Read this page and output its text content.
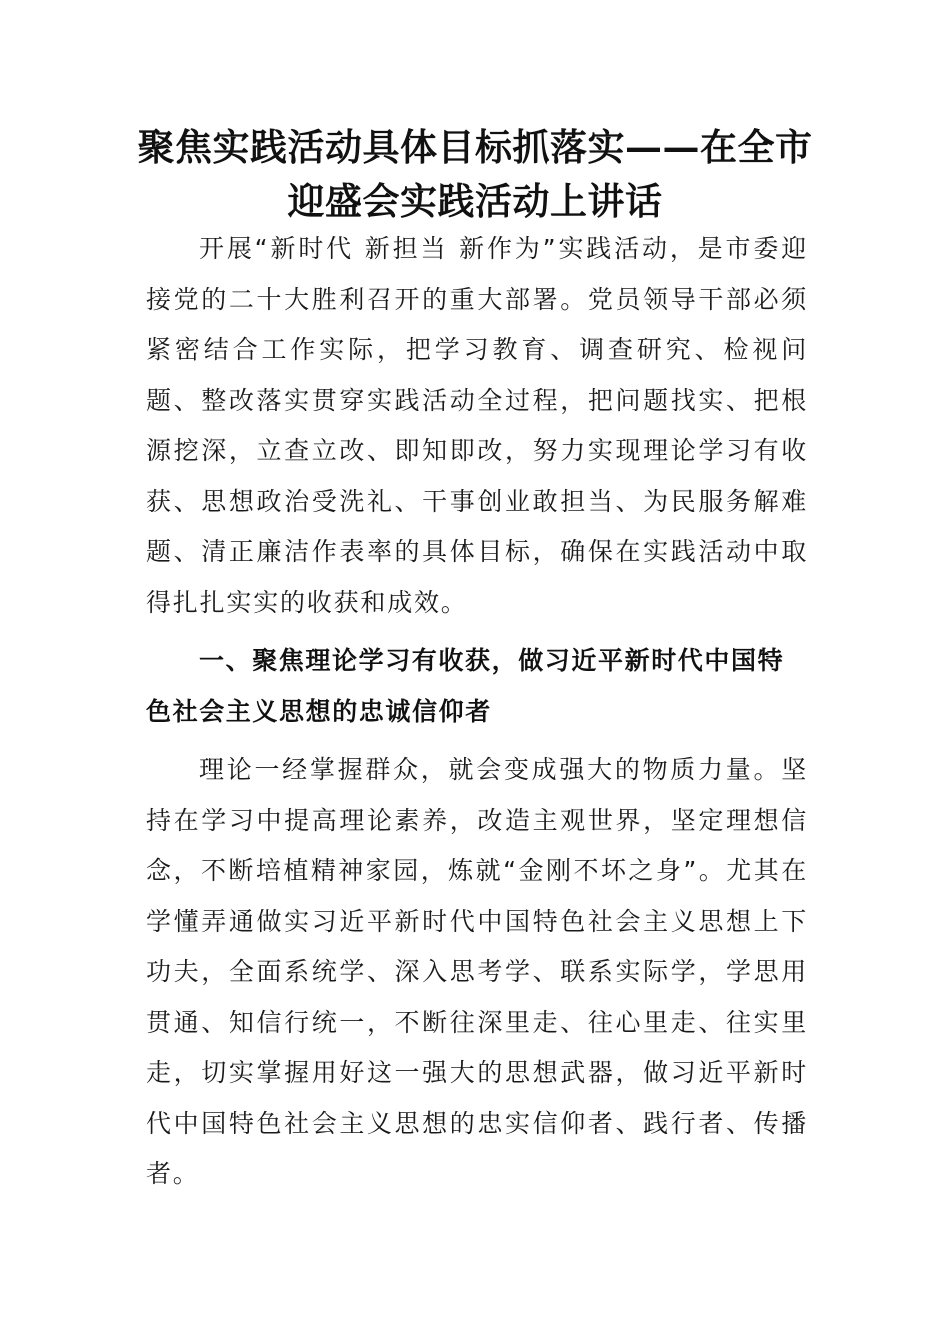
聚焦实践活动具体目标抓落实——在全市
迎盛会实践活动上讲话

开展“新时代 新担当 新作为”实践活动，是市委迎接党的二十大胜利召开的重大部署。党员领导干部必须紧密结合工作实际，把学习教育、调查研究、检视问题、整改落实贯穿实践活动全过程，把问题找实、把根源挖深，立查立改、即知即改，努力实现理论学习有收获、思想政治受洗礼、干事创业敢担当、为民服务解难题、清正廉洁作表率的具体目标，确保在实践活动中取得扎扎实实的收获和成效。

一、聚焦理论学习有收获，做习近平新时代中国特色社会主义思想的忠诚信仰者

理论一经掌握群众，就会变成强大的物质力量。坚持在学习中提高理论素养，改造主观世界，坚定理想信念，不断培植精神家园，炼就“金刚不坏之身”。尤其在学懂弄通做实习近平新时代中国特色社会主义思想上下功夫，全面系统学、深入思考学、联系实际学，学思用贯通、知信行统一，不断往深里走、往心里走、往实里走，切实掌握用好这一强大的思想武器，做习近平新时代中国特色社会主义思想的忠实信仰者、践行者、传播者。
